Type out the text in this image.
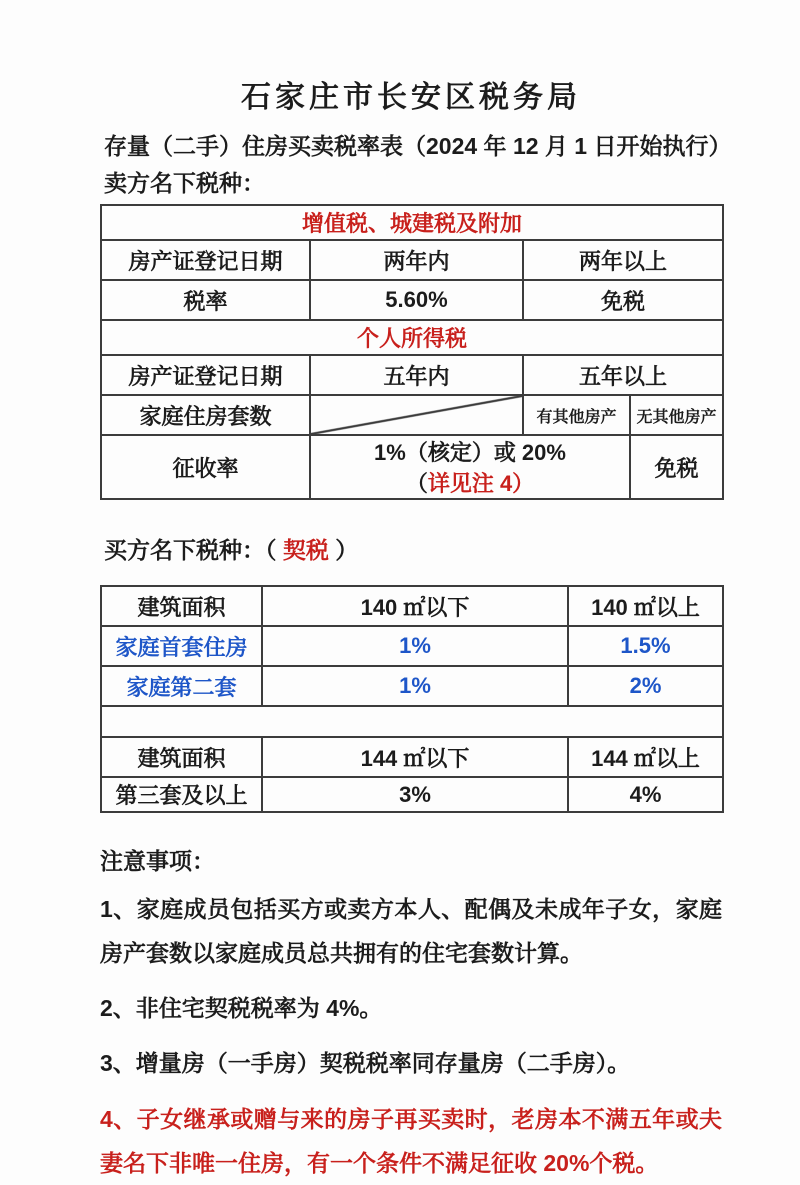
石家庄市长安区税务局
存量（二手）住房买卖税率表（2024 年 12 月 1 日开始执行）
卖方名下税种：
增值税、城建税及附加			
房产证登记日期	两年内	两年以上	
税率	5.60%	免税	
个人所得税			
房产证登记日期	五年内	五年以上	
家庭住房套数		有其他房产	无其他房产
征收率	1%（核定）或 20%（详见注 4）		免税
买方名下税种：（ 契税 ）
建筑面积	140 ㎡以下	140 ㎡以上
家庭首套住房	1%	1.5%
家庭第二套	1%	2%

建筑面积	144 ㎡以下	144 ㎡以上
第三套及以上	3%	4%
注意事项：
1、家庭成员包括买方或卖方本人、配偶及未成年子女，家庭房产套数以家庭成员总共拥有的住宅套数计算。
2、非住宅契税税率为 4%。
3、增量房（一手房）契税税率同存量房（二手房）。
4、子女继承或赠与来的房子再买卖时，老房本不满五年或夫妻名下非唯一住房，有一个条件不满足征收 20%个税。
